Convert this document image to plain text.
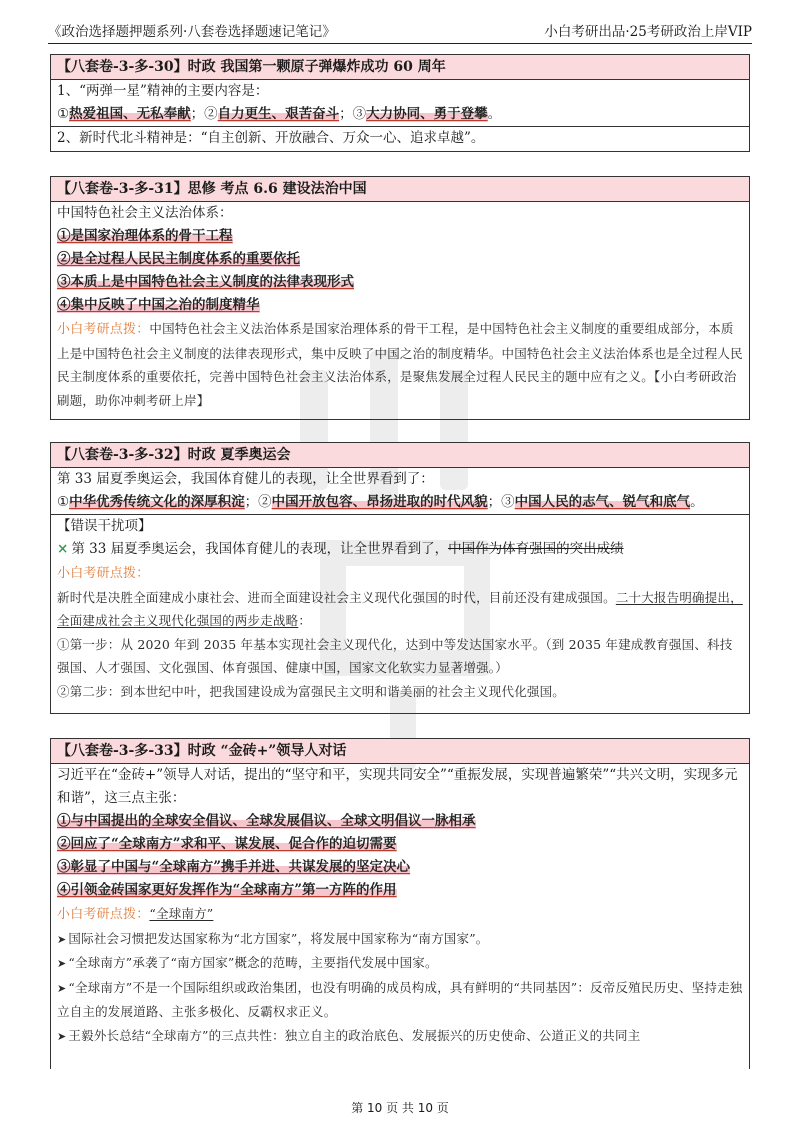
《政治选择题押题系列·八套卷选择题速记笔记》	小白考研出品·25考研政治上岸VIP
【八套卷-3-多-30】时政 我国第一颗原子弹爆炸成功 60 周年
1、“两弹一星”精神的主要内容是：
①热爱祖国、无私奉献；②自力更生、艰苦奋斗；③大力协同、勇于登攀。
2、新时代北斗精神是：“自主创新、开放融合、万众一心、追求卓越”。
【八套卷-3-多-31】思修 考点 6.6 建设法治中国
中国特色社会主义法治体系：
①是国家治理体系的骨干工程
②是全过程人民民主制度体系的重要依托
③本质上是中国特色社会主义制度的法律表现形式
④集中反映了中国之治的制度精华
小白考研点拨：中国特色社会主义法治体系是国家治理体系的骨干工程，是中国特色社会主义制度的重要组成部分，本质上是中国特色社会主义制度的法律表现形式，集中反映了中国之治的制度精华。中国特色社会主义法治体系也是全过程人民民主制度体系的重要依托，完善中国特色社会主义法治体系，是聚焦发展全过程人民民主的题中应有之义。【小白考研政治刷题，助你冲刺考研上岸】
【八套卷-3-多-32】时政 夏季奥运会
第 33 届夏季奥运会，我国体育健儿的表现，让全世界看到了：
①中华优秀传统文化的深厚积淀；②中国开放包容、昂扬进取的时代风貌；③中国人民的志气、锐气和底气。
【错误干扰项】
× 第 33 届夏季奥运会，我国体育健儿的表现，让全世界看到了，中国作为体育强国的突出成绩
小白考研点拨：
新时代是决胜全面建成小康社会、进而全面建设社会主义现代化强国的时代，目前还没有建成强国。二十大报告明确提出，全面建成社会主义现代化强国的两步走战略：
①第一步：从 2020 年到 2035 年基本实现社会主义现代化，达到中等发达国家水平。（到 2035 年建成教育强国、科技强国、人才强国、文化强国、体育强国、健康中国，国家文化软实力显著增强。）
②第二步：到本世纪中叶，把我国建设成为富强民主文明和谐美丽的社会主义现代化强国。
【八套卷-3-多-33】时政 “金砖+”领导人对话
习近平在“金砖+”领导人对话，提出的“坚守和平，实现共同安全”“重振发展，实现普遍繁荣”“共兴文明，实现多元和谐”，这三点主张：
①与中国提出的全球安全倡议、全球发展倡议、全球文明倡议一脉相承
②回应了“全球南方”求和平、谋发展、促合作的迫切需要
③彰显了中国与“全球南方”携手并进、共谋发展的坚定决心
④引领金砖国家更好发挥作为“全球南方”第一方阵的作用
小白考研点拨：“全球南方”
➤ 国际社会习惯把发达国家称为“北方国家”，将发展中国家称为“南方国家”。
➤ “全球南方”承袭了“南方国家”概念的范畴，主要指代发展中国家。
➤ “全球南方”不是一个国际组织或政治集团，也没有明确的成员构成，具有鲜明的“共同基因”：反帝反殖民历史、坚持走独立自主的发展道路、主张多极化、反霸权求正义。
➤ 王毅外长总结“全球南方”的三点共性：独立自主的政治底色、发展振兴的历史使命、公道正义的共同主
第 10 页 共 10 页
